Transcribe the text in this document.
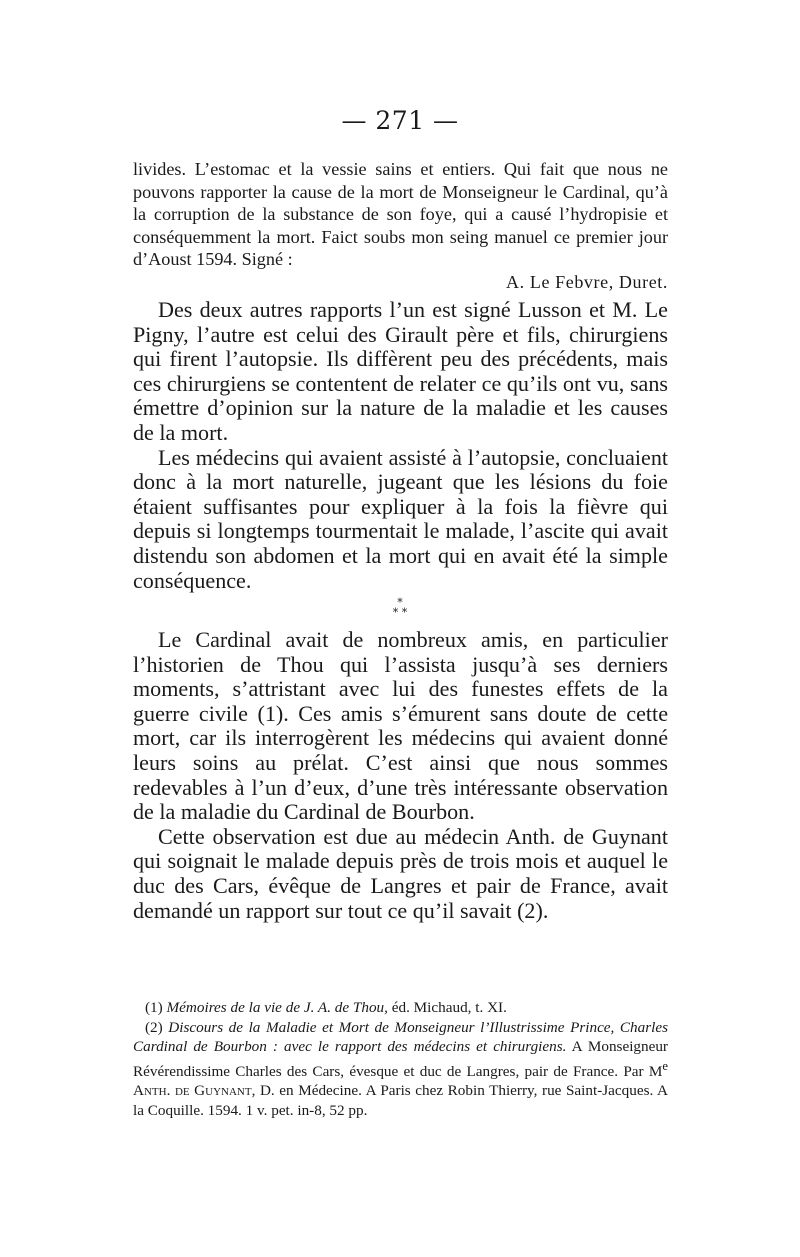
— 271 —
livides. L’estomac et la vessie sains et entiers. Qui fait que nous ne pouvons rapporter la cause de la mort de Monseigneur le Cardinal, qu’à la corruption de la substance de son foye, qui a causé l’hydropisie et conséquemment la mort. Faict soubs mon seing manuel ce premier jour d’Aoust 1594. Signé :
A. Le Febvre, Duret.

Des deux autres rapports l’un est signé Lusson et M. Le Pigny, l’autre est celui des Girault père et fils, chirurgiens qui firent l’autopsie. Ils diffèrent peu des précédents, mais ces chirurgiens se contentent de relater ce qu’ils ont vu, sans émettre d’opinion sur la nature de la maladie et les causes de la mort.

Les médecins qui avaient assisté à l’autopsie, concluaient donc à la mort naturelle, jugeant que les lésions du foie étaient suffisantes pour expliquer à la fois la fièvre qui depuis si longtemps tourmentait le malade, l’ascite qui avait distendu son abdomen et la mort qui en avait été la simple conséquence.

*
* *

Le Cardinal avait de nombreux amis, en particulier l’historien de Thou qui l’assista jusqu’à ses derniers moments, s’attristant avec lui des funestes effets de la guerre civile (1). Ces amis s’émurent sans doute de cette mort, car ils interrogèrent les médecins qui avaient donné leurs soins au prélat. C’est ainsi que nous sommes redevables à l’un d’eux, d’une très intéressante observation de la maladie du Cardinal de Bourbon.

Cette observation est due au médecin Anth. de Guynant qui soignait le malade depuis près de trois mois et auquel le duc des Cars, évêque de Langres et pair de France, avait demandé un rapport sur tout ce qu’il savait (2).

(1) Mémoires de la vie de J. A. de Thou, éd. Michaud, t. XI.

(2) Discours de la Maladie et Mort de Monseigneur l’Illustrissime Prince, Charles Cardinal de Bourbon : avec le rapport des médecins et chirurgiens. A Monseigneur Révérendissime Charles des Cars, évesque et duc de Langres, pair de France. Par Me Anth. de Guynant, D. en Médecine. A Paris chez Robin Thierry, rue Saint-Jacques. A la Coquille. 1594. 1 v. pet. in-8, 52 pp.
